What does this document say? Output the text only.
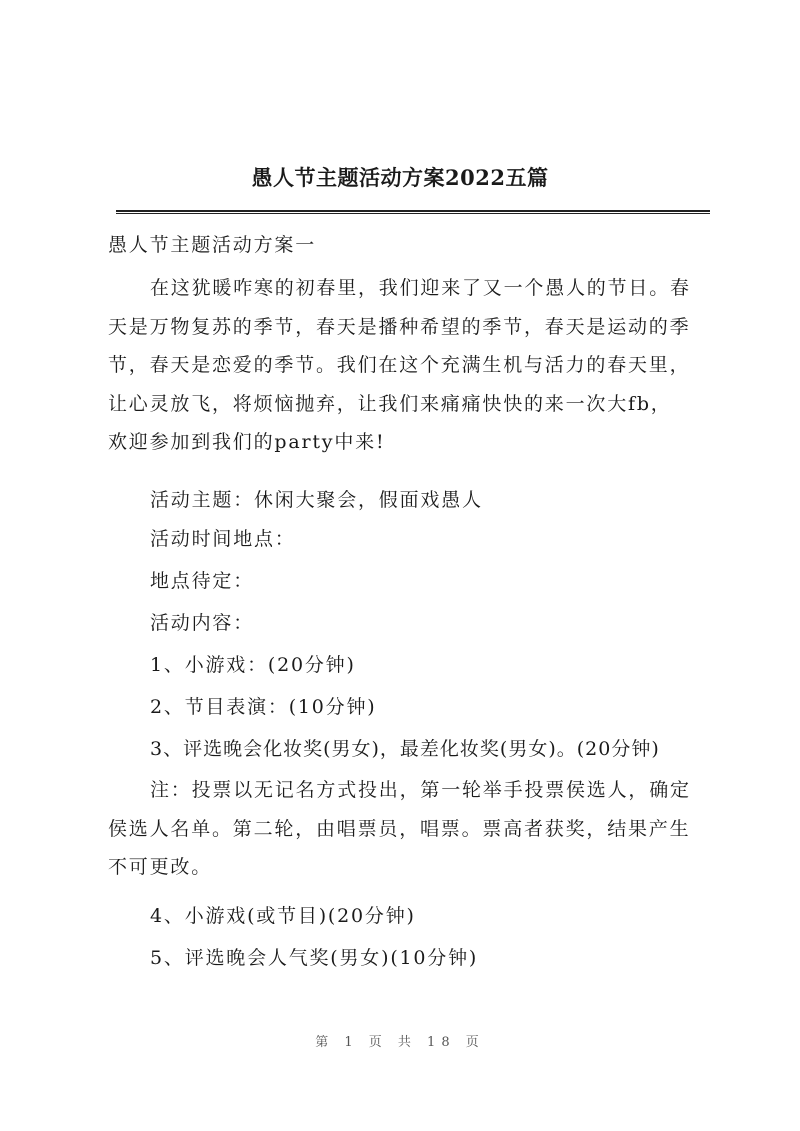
愚人节主题活动方案2022五篇
愚人节主题活动方案一
在这犹暖咋寒的初春里，我们迎来了又一个愚人的节日。春
天是万物复苏的季节，春天是播种希望的季节，春天是运动的季
节，春天是恋爱的季节。我们在这个充满生机与活力的春天里，
让心灵放飞，将烦恼抛弃，让我们来痛痛快快的来一次大fb，
欢迎参加到我们的party中来!
活动主题：休闲大聚会，假面戏愚人
活动时间地点：
地点待定：
活动内容：
1、小游戏：(20分钟)
2、节目表演：(10分钟)
3、评选晚会化妆奖(男女)，最差化妆奖(男女)。(20分钟)
注：投票以无记名方式投出，第一轮举手投票侯选人，确定
侯选人名单。第二轮，由唱票员，唱票。票高者获奖，结果产生
不可更改。
4、小游戏(或节目)(20分钟)
5、评选晚会人气奖(男女)(10分钟)
第 1 页 共 18 页
